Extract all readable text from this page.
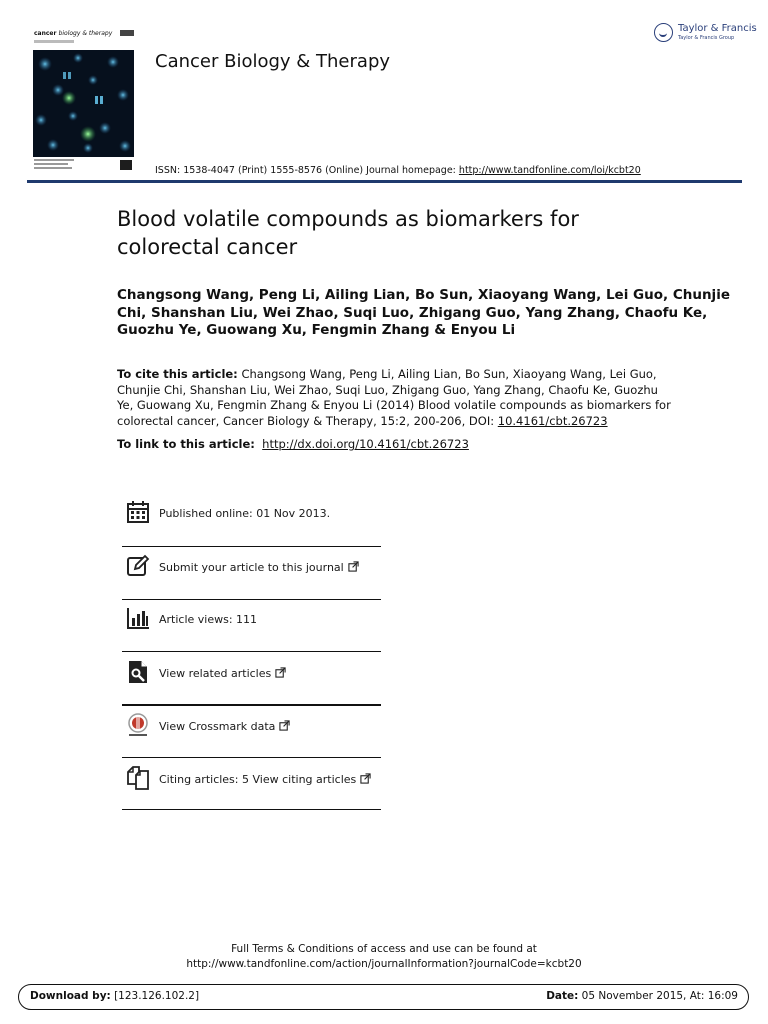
cancer biology & therapy
Cancer Biology & Therapy
Taylor & Francis
Taylor & Francis Group
ISSN: 1538-4047 (Print) 1555-8576 (Online) Journal homepage: http://www.tandfonline.com/loi/kcbt20
Blood volatile compounds as biomarkers for colorectal cancer
Changsong Wang, Peng Li, Ailing Lian, Bo Sun, Xiaoyang Wang, Lei Guo, Chunjie Chi, Shanshan Liu, Wei Zhao, Suqi Luo, Zhigang Guo, Yang Zhang, Chaofu Ke, Guozhu Ye, Guowang Xu, Fengmin Zhang & Enyou Li
To cite this article: Changsong Wang, Peng Li, Ailing Lian, Bo Sun, Xiaoyang Wang, Lei Guo, Chunjie Chi, Shanshan Liu, Wei Zhao, Suqi Luo, Zhigang Guo, Yang Zhang, Chaofu Ke, Guozhu Ye, Guowang Xu, Fengmin Zhang & Enyou Li (2014) Blood volatile compounds as biomarkers for colorectal cancer, Cancer Biology & Therapy, 15:2, 200-206, DOI: 10.4161/cbt.26723
To link to this article: http://dx.doi.org/10.4161/cbt.26723
Published online: 01 Nov 2013.
Submit your article to this journal
Article views: 111
View related articles
View Crossmark data
Citing articles: 5 View citing articles
Full Terms & Conditions of access and use can be found at
http://www.tandfonline.com/action/journalInformation?journalCode=kcbt20
Download by: [123.126.102.2]	Date: 05 November 2015, At: 16:09
